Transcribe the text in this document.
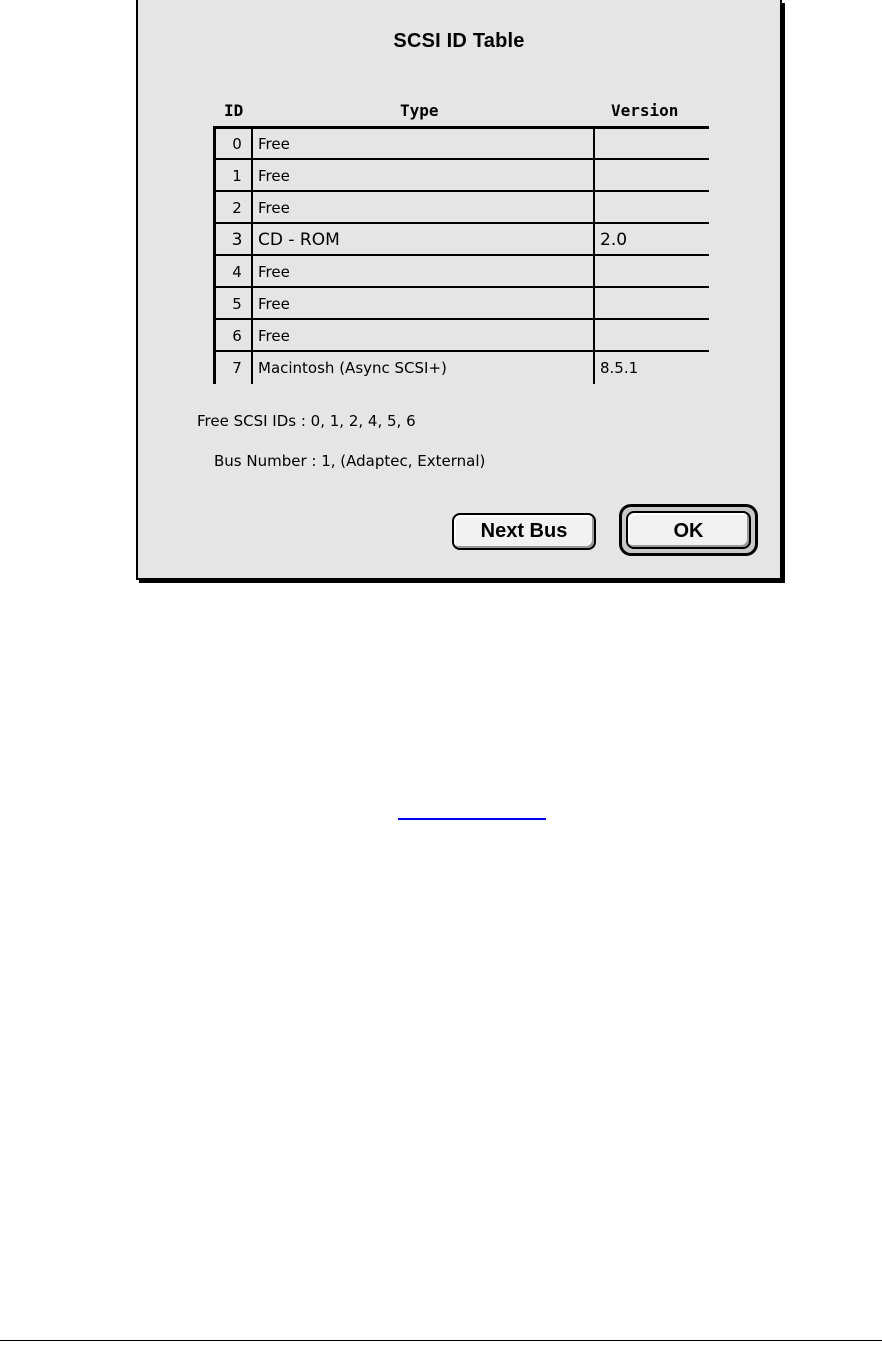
SCSI ID Table
ID	Type	Version
0	Free
1	Free
2	Free
3 CD - ROM	2.0
4	Free
5	Free
6	Free
7	Macintosh (Async SCSI+)	8.5.1
Free SCSI IDs : 0, 1, 2, 4, 5, 6
Bus Number : 1, (Adaptec, External)
Next Bus	OK
